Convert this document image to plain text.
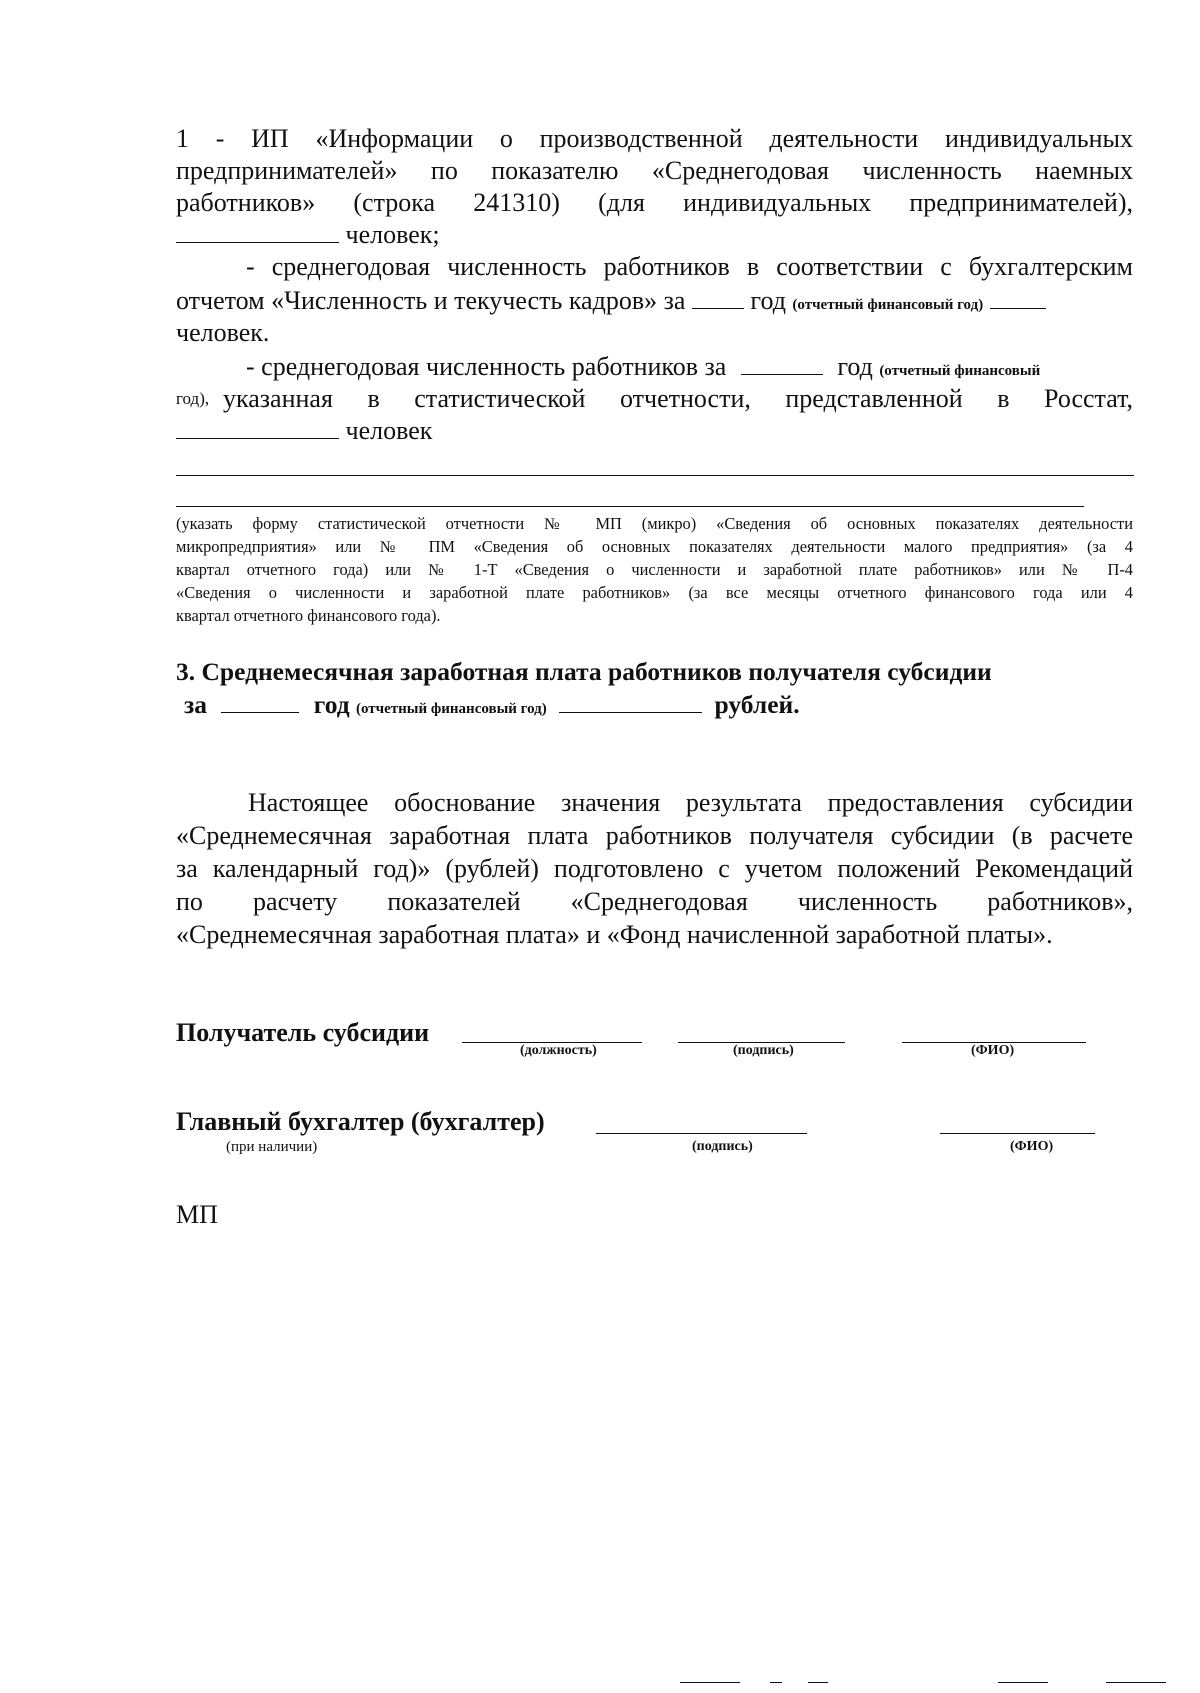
1 - ИП «Информации о производственной деятельности индивидуальных
предпринимателей» по показателю «Среднегодовая численность наемных
работников» (строка 241310) (для индивидуальных предпринимателей),
человек;
- среднегодовая численность работников в соответствии с бухгалтерским
отчетом «Численность и текучесть кадров» за	год (отчетный финансовый год)
человек.
- среднегодовая численность работников за	год (отчетный финансовый
год), указанная в статистической отчетности, представленной в Росстат,
человек
(указать форму статистической отчетности № МП (микро) «Сведения об основных показателях деятельности
микропредприятия» или № ПМ «Сведения об основных показателях деятельности малого предприятия» (за 4
квартал отчетного года) или № 1-Т «Сведения о численности и заработной плате работников» или № П-4
«Сведения о численности и заработной плате работников» (за все месяцы отчетного финансового года или 4
квартал отчетного финансового года).
3. Среднемесячная заработная плата работников получателя субсидии
за	год (отчетный финансовый год)	рублей.
Настоящее обоснование значения результата предоставления субсидии
«Среднемесячная заработная плата работников получателя субсидии (в расчете
за календарный год)» (рублей) подготовлено с учетом положений Рекомендаций
по расчету показателей «Среднегодовая численность работников»,
«Среднемесячная заработная плата» и «Фонд начисленной заработной платы».
Получатель субсидии
(должность)	(подпись)	(ФИО)
Главный бухгалтер (бухгалтер)
(при наличии)	(подпись)	(ФИО)
МП
